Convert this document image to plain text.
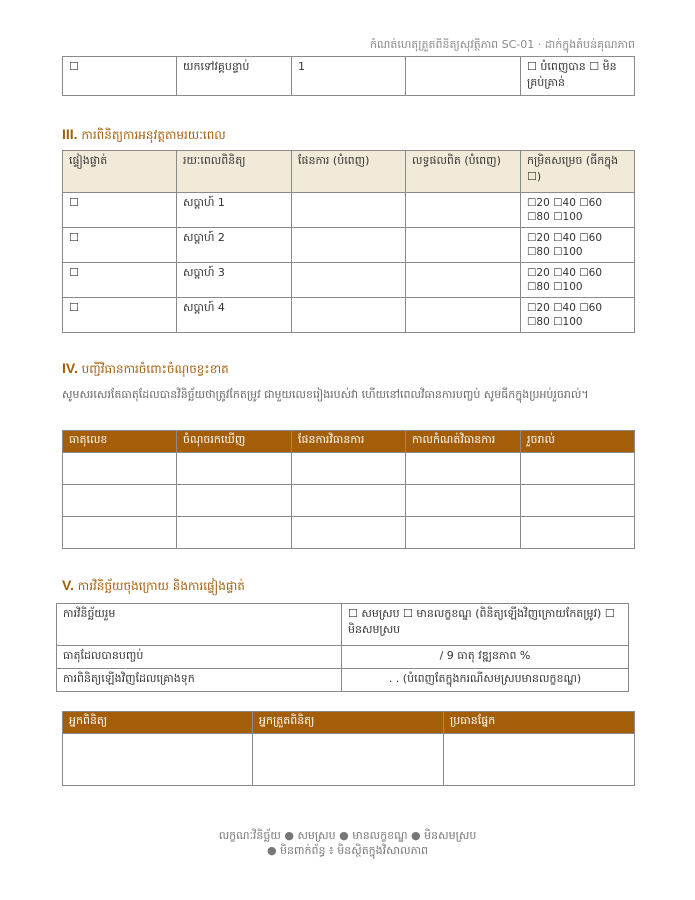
កំណត់ហេតុត្រួតពិនិត្យសុវត្ថិភាព SC-01 · ដាក់ក្នុងតំបន់គុណភាព
☐	យកទៅវគ្គបន្ទាប់	1		☐ បំពេញបាន ☐ មិនគ្រប់គ្រាន់
III. ការពិនិត្យការអនុវត្តតាមរយៈពេល
ផ្ទៀងផ្ទាត់	រយៈពេលពិនិត្យ	ផែនការ (បំពេញ)	លទ្ធផលពិត (បំពេញ)	កម្រិតសម្រេច (ធីកក្នុង ☐)
☐	សប្តាហ៍ 1			☐20 ☐40 ☐60 ☐80 ☐100
☐	សប្តាហ៍ 2			☐20 ☐40 ☐60 ☐80 ☐100
☐	សប្តាហ៍ 3			☐20 ☐40 ☐60 ☐80 ☐100
☐	សប្តាហ៍ 4			☐20 ☐40 ☐60 ☐80 ☐100
IV. បញ្ជីវិធានការចំពោះចំណុចខ្វះខាត
សូមសរសេរតែធាតុដែលបានវិនិច្ឆ័យថាត្រូវកែតម្រូវ ជាមួយលេខរៀងរបស់វា ហើយនៅពេលវិធានការបញ្ចប់ សូមធីកក្នុងប្រអប់រួចរាល់។
ធាតុលេខ	ចំណុចរកឃើញ	ផែនការវិធានការ	កាលកំណត់វិធានការ	រួចរាល់

V. ការវិនិច្ឆ័យចុងក្រោយ និងការផ្ទៀងផ្ទាត់
ការវិនិច្ឆ័យរួម	☐ សមស្រប ☐ មានលក្ខខណ្ឌ (ពិនិត្យឡើងវិញក្រោយកែតម្រូវ) ☐ មិនសមស្រប
ធាតុដែលបានបញ្ចប់	/ 9 ធាតុ វឌ្ឍនភាព %
ការពិនិត្យឡើងវិញដែលគ្រោងទុក	. . (បំពេញតែក្នុងករណីសមស្របមានលក្ខខណ្ឌ)
អ្នកពិនិត្យ	អ្នកត្រួតពិនិត្យ	ប្រធានផ្នែក

លក្ខណៈវិនិច្ឆ័យ ● សមស្រប ● មានលក្ខខណ្ឌ ● មិនសមស្រប
● មិនពាក់ព័ន្ធ ៖ មិនស្ថិតក្នុងវិសាលភាព
